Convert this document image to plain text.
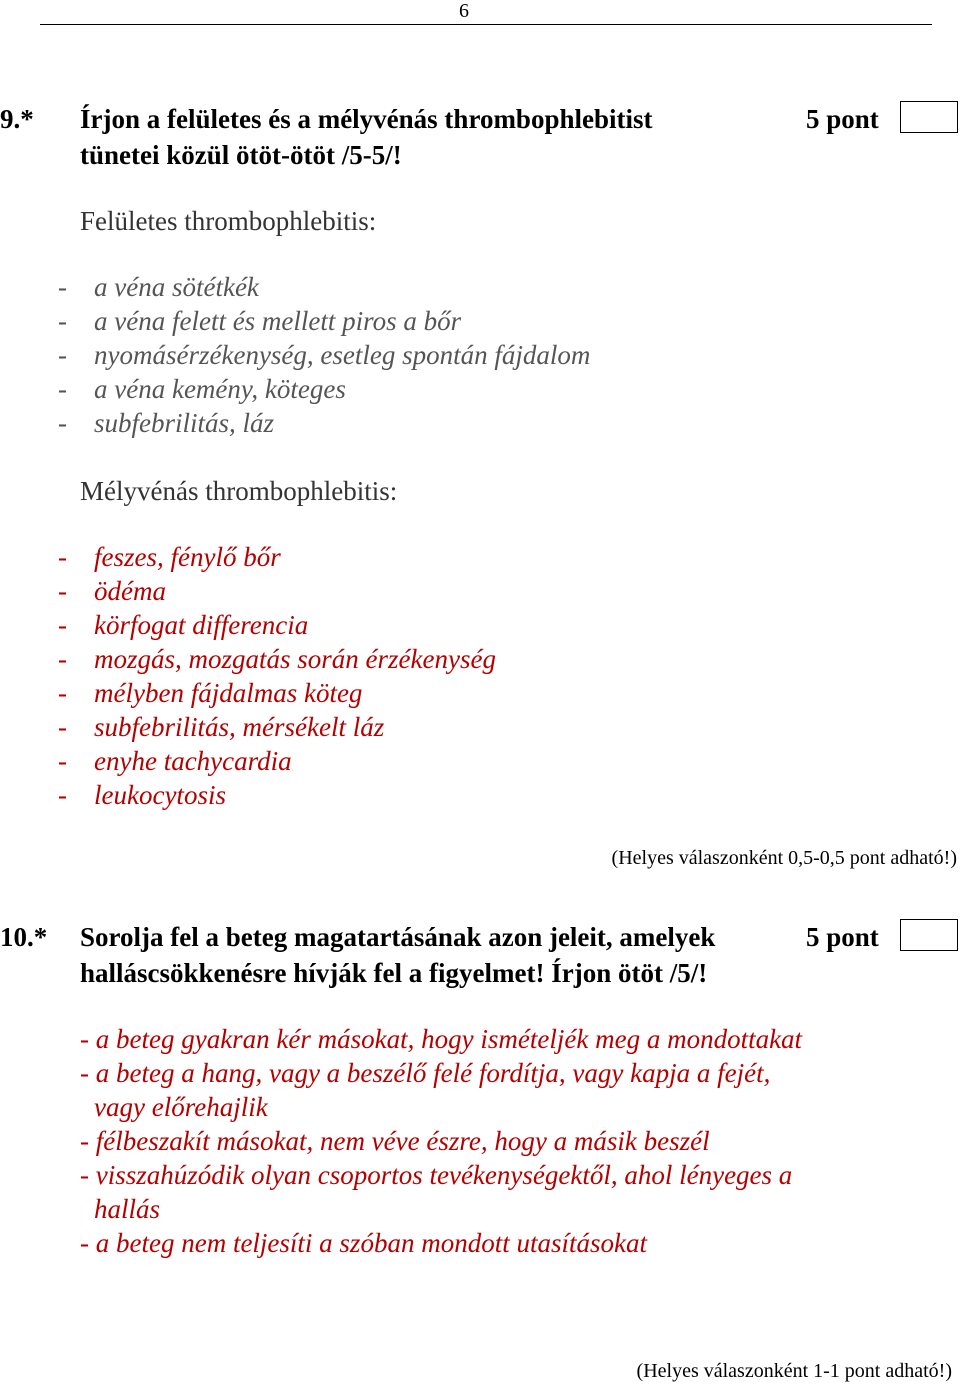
6
9.* Írjon a felületes és a mélyvénás thrombophlebitist
tünetei közül ötöt-ötöt /5-5/!
5 pont
Felületes thrombophlebitis:
- a véna sötétkék
- a véna felett és mellett piros a bőr
- nyomásérzékenység, esetleg spontán fájdalom
- a véna kemény, köteges
- subfebrilitás, láz
Mélyvénás thrombophlebitis:
- feszes, fénylő bőr
- ödéma
- körfogat differencia
- mozgás, mozgatás során érzékenység
- mélyben fájdalmas köteg
- subfebrilitás, mérsékelt láz
- enyhe tachycardia
- leukocytosis
(Helyes válaszonként 0,5-0,5 pont adható!)
10.* Sorolja fel a beteg magatartásának azon jeleit, amelyek
halláscsökkenésre hívják fel a figyelmet! Írjon ötöt /5/!
5 pont
- a beteg gyakran kér másokat, hogy ismételjék meg a mondottakat
- a beteg a hang, vagy a beszélő felé fordítja, vagy kapja a fejét,
vagy előrehajlik
- félbeszakít másokat, nem véve észre, hogy a másik beszél
- visszahúzódik olyan csoportos tevékenységektől, ahol lényeges a
hallás
- a beteg nem teljesíti a szóban mondott utasításokat
(Helyes válaszonként 1-1 pont adható!)
